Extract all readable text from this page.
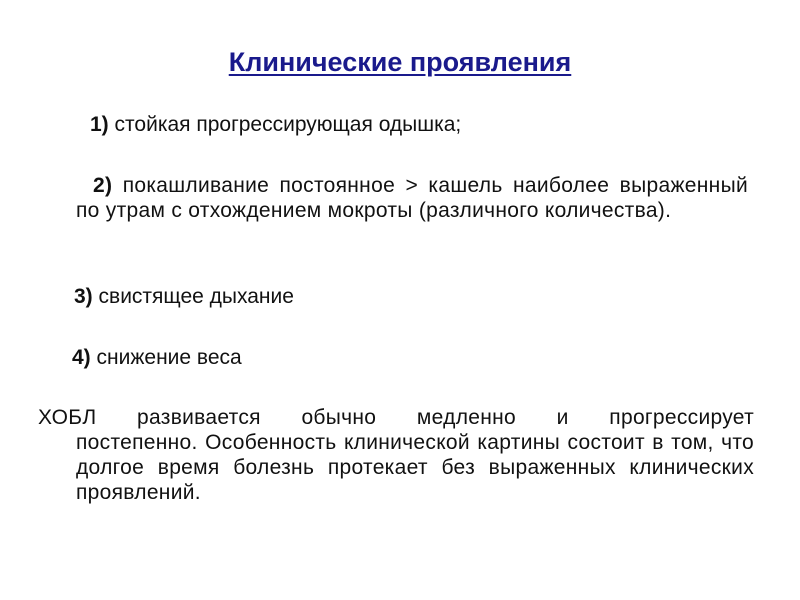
Клинические проявления
1) стойкая прогрессирующая одышка;
2) покашливание постоянное > кашель наиболее выраженный по утрам с отхождением мокроты (различного количества).
3) свистящее дыхание
4) снижение веса
ХОБЛ развивается обычно медленно и прогрессирует
постепенно. Особенность клинической картины состоит в том, что долгое время болезнь протекает без выраженных клинических проявлений.
